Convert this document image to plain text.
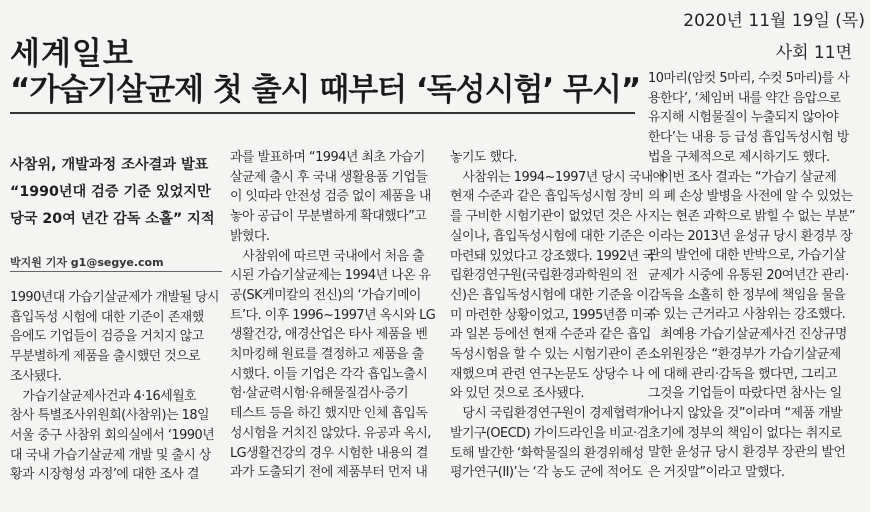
세계일보
2020년 11월 19일 (목)
사회 11면
“가습기살균제 첫 출시 때부터 ‘독성시험’ 무시”
사참위, 개발과정 조사결과 발표
“1990년대 검증 기준 있었지만
당국 20여 년간 감독 소홀” 지적
박지원 기자 g1@segye.com
1990년대 가습기살균제가 개발될 당시
흡입독성 시험에 대한 기준이 존재했
음에도 기업들이 검증을 거치지 않고
무분별하게 제품을 출시했던 것으로
조사됐다.
　가습기살균제사건과 4·16세월호
참사 특별조사위원회(사참위)는 18일
서울 중구 사참위 회의실에서 ‘1990년
대 국내 가습기살균제 개발 및 출시 상
황과 시장형성 과정’에 대한 조사 결
과를 발표하며 “1994년 최초 가습기
살균제 출시 후 국내 생활용품 기업들
이 잇따라 안전성 검증 없이 제품을 내
놓아 공급이 무분별하게 확대했다”고
밝혔다.
　사참위에 따르면 국내에서 처음 출
시된 가습기살균제는 1994년 나온 유
공(SK케미칼의 전신)의 ‘가습기메이
트’다. 이후 1996∼1997년 옥시와 LG
생활건강, 애경산업은 타사 제품을 벤
치마킹해 원료를 결정하고 제품을 출
시했다. 이들 기업은 각각 흡입노출시
험·살균력시험·유해물질검사·증기
테스트 등을 하긴 했지만 인체 흡입독
성시험을 거치진 않았다. 유공과 옥시,
LG생활건강의 경우 시험한 내용의 결
과가 도출되기 전에 제품부터 먼저 내
놓기도 했다.
　사참위는 1994∼1997년 당시 국내에
현재 수준과 같은 흡입독성시험 장비
를 구비한 시험기관이 없었던 것은 사
실이나, 흡입독성시험에 대한 기준은
마련돼 있었다고 강조했다. 1992년 국
립환경연구원(국립환경과학원의 전
신)은 흡입독성시험에 대한 기준을 이
미 마련한 상황이었고, 1995년쯤 미국
과 일본 등에선 현재 수준과 같은 흡입
독성시험을 할 수 있는 시험기관이 존
재했으며 관련 연구논문도 상당수 나
와 있던 것으로 조사됐다.
　당시 국립환경연구원이 경제협력개
발기구(OECD) 가이드라인을 비교·검
토해 발간한 ‘화학물질의 환경위해성
평가연구(II)’는 ‘각 농도 군에 적어도
10마리(암컷 5마리, 수컷 5마리)를 사
용한다’, ‘체임버 내를 약간 음압으로
유지해 시험물질이 누출되지 않아야
한다’는 내용 등 급성 흡입독성시험 방
법을 구체적으로 제시하기도 했다.
　이번 조사 결과는 “가습기 살균제
의 폐 손상 발병을 사전에 알 수 있었는
지는 현존 과학으로 밝힐 수 없는 부분”
이라는 2013년 윤성규 당시 환경부 장
관의 발언에 대한 반박으로, 가습기살
균제가 시중에 유통된 20여년간 관리·
감독을 소홀히 한 정부에 책임을 물을
수 있는 근거라고 사참위는 강조했다.
　최예용 가습기살균제사건 진상규명
소위원장은 “환경부가 가습기살균제
에 대해 관리·감독을 했다면, 그리고
그것을 기업들이 따랐다면 참사는 일
어나지 않았을 것”이라며 “제품 개발
초기에 정부의 책임이 없다는 취지로
말한 윤성규 당시 환경부 장관의 발언
은 거짓말”이라고 말했다.
